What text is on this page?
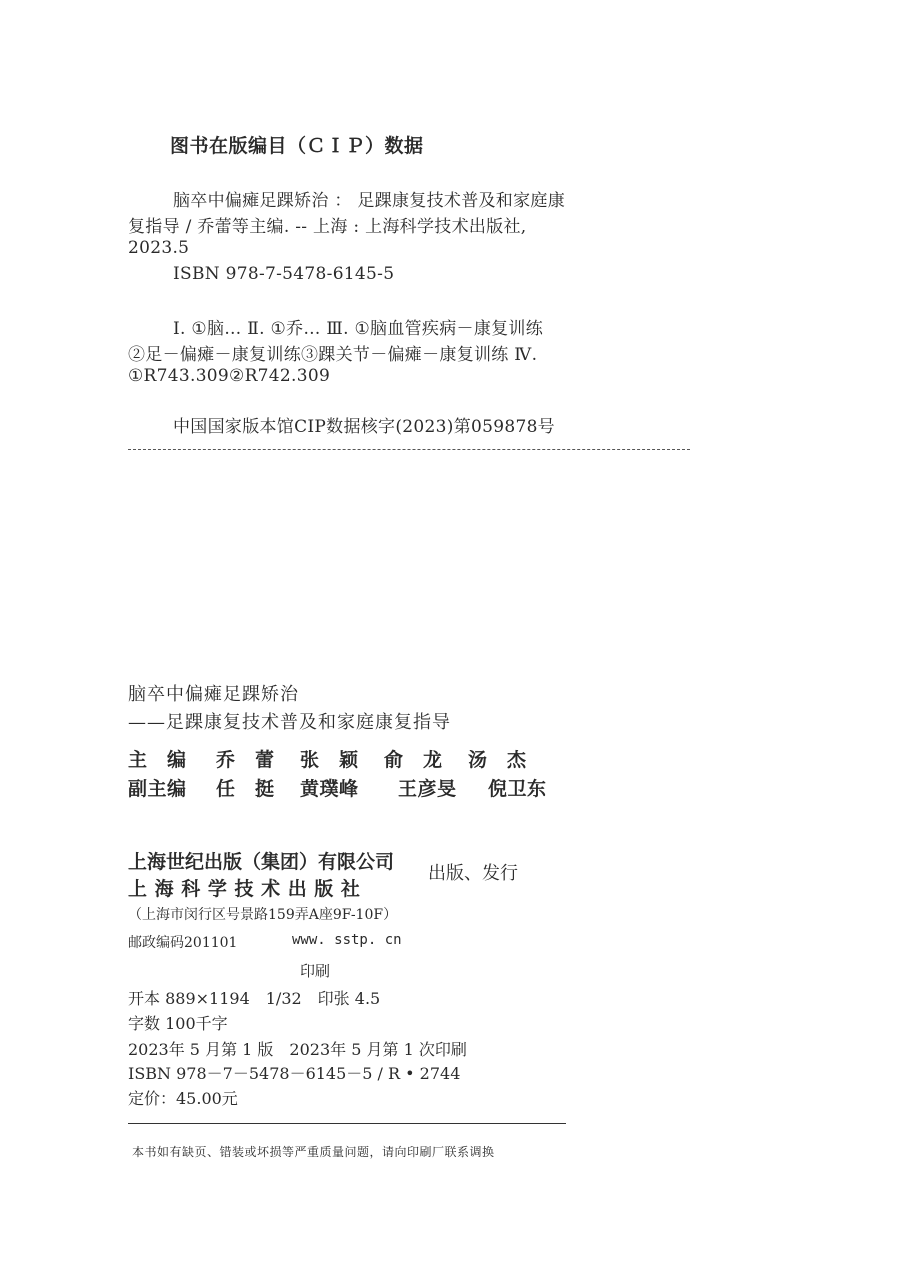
图书在版编目（ＣＩＰ）数据
脑卒中偏瘫足踝矫治 ： 足踝康复技术普及和家庭康
复指导 / 乔蕾等主编. -- 上海 : 上海科学技术出版社,
2023.5
ISBN 978-7-5478-6145-5
Ⅰ. ①脑… Ⅱ. ①乔… Ⅲ. ①脑血管疾病－康复训练
②足－偏瘫－康复训练③踝关节－偏瘫－康复训练 Ⅳ.
①R743.309②R742.309
中国国家版本馆CIP数据核字(2023)第059878号
脑卒中偏瘫足踝矫治
——足踝康复技术普及和家庭康复指导
主　编 乔　蕾 张　颖 俞　龙 汤　杰
副主编 任　挺 黄璞峰 王彦旻 倪卫东
上海世纪出版（集团）有限公司
上 海 科 学 技 术 出 版 社
出版、发行
（上海市闵行区号景路159弄A座9F-10F）
邮政编码201101	www. sstp. cn
印刷
开本 889×1194　1/32　印张 4.5
字数 100千字
2023年 5 月第 1 版　2023年 5 月第 1 次印刷
ISBN 978－7－5478－6145－5 / R • 2744
定价：45.00元
本书如有缺页、错装或坏损等严重质量问题，请向印刷厂联系调换
